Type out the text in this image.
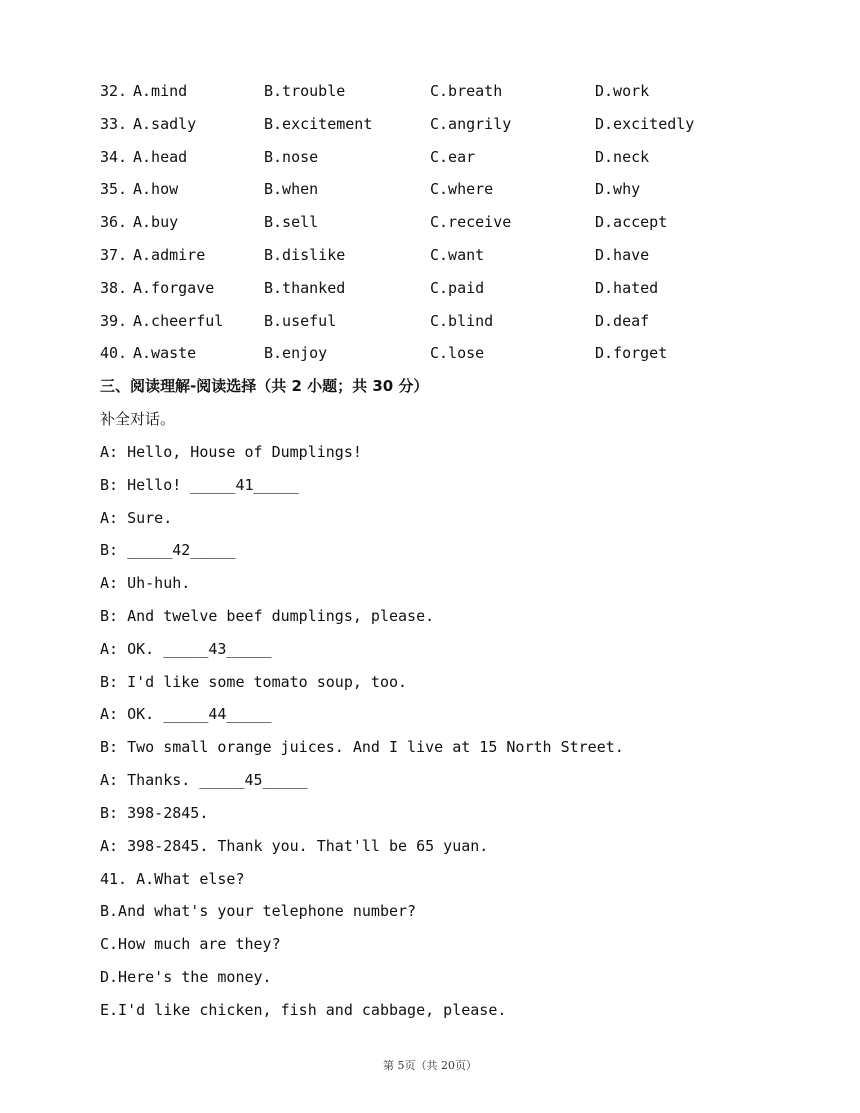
32. A.mind	B.trouble	C.breath	D.work
33. A.sadly	B.excitement	C.angrily	D.excitedly
34. A.head	B.nose	C.ear	D.neck
35. A.how	B.when	C.where	D.why
36. A.buy	B.sell	C.receive	D.accept
37. A.admire	B.dislike	C.want	D.have
38. A.forgave	B.thanked	C.paid	D.hated
39. A.cheerful	B.useful	C.blind	D.deaf
40. A.waste	B.enjoy	C.lose	D.forget
三、阅读理解-阅读选择（共 2 小题；共 30 分）
补全对话。
A: Hello, House of Dumplings!
B: Hello! _____41_____
A: Sure.
B: _____42_____
A: Uh-huh.
B: And twelve beef dumplings, please.
A: OK. _____43_____
B: I'd like some tomato soup, too.
A: OK. _____44_____
B: Two small orange juices. And I live at 15 North Street.
A: Thanks. _____45_____
B: 398-2845.
A: 398-2845. Thank you. That'll be 65 yuan.
41. A.What else?
B.And what's your telephone number?
C.How much are they?
D.Here's the money.
E.I'd like chicken, fish and cabbage, please.
第 5页（共 20页）
